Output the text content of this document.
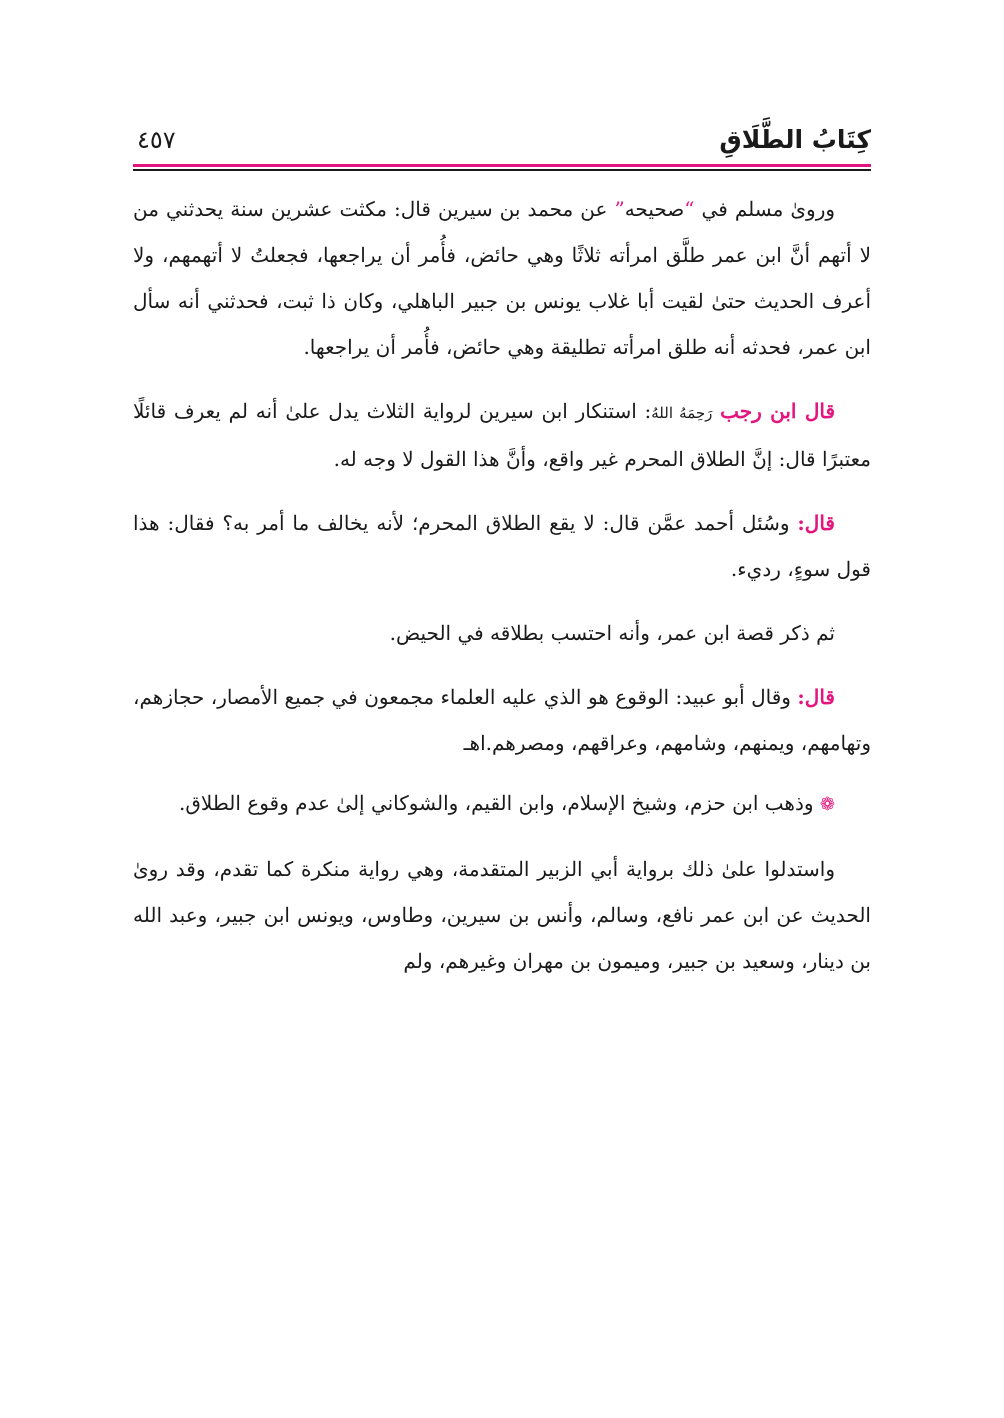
كِتَابُ الطَّلَاقِ
٤٥٧

ورویٰ مسلم في “صحيحه” عن محمد بن سيرين قال: مكثت عشرين سنة يحدثني من لا أتهم أنَّ ابن عمر طلَّق امرأته ثلاثًا وهي حائض، فأُمر أن يراجعها، فجعلتُ لا أتهمهم، ولا أعرف الحديث حتىٰ لقيت أبا غلاب يونس بن جبير الباهلي، وكان ذا ثبت، فحدثني أنه سأل ابن عمر، فحدثه أنه طلق امرأته تطليقة وهي حائض، فأُمر أن يراجعها.

قال ابن رجب رَحِمَهُ اللهُ: استنكار ابن سيرين لرواية الثلاث يدل علىٰ أنه لم يعرف قائلًا معتبرًا قال: إنَّ الطلاق المحرم غير واقع، وأنَّ هذا القول لا وجه له.

قال: وسُئل أحمد عمَّن قال: لا يقع الطلاق المحرم؛ لأنه يخالف ما أمر به؟ فقال: هذا قول سوءٍ، رديء.

ثم ذكر قصة ابن عمر، وأنه احتسب بطلاقه في الحيض.

قال: وقال أبو عبيد: الوقوع هو الذي عليه العلماء مجمعون في جميع الأمصار، حجازهم، وتهامهم، ويمنهم، وشامهم، وعراقهم، ومصرهم.اهـ

❁ وذهب ابن حزم، وشيخ الإسلام، وابن القيم، والشوكاني إلىٰ عدم وقوع الطلاق.

واستدلوا علىٰ ذلك برواية أبي الزبير المتقدمة، وهي رواية منكرة كما تقدم، وقد رویٰ الحديث عن ابن عمر نافع، وسالم، وأنس بن سيرين، وطاوس، ويونس ابن جبير، وعبد الله بن دينار، وسعيد بن جبير، وميمون بن مهران وغيرهم، ولم
